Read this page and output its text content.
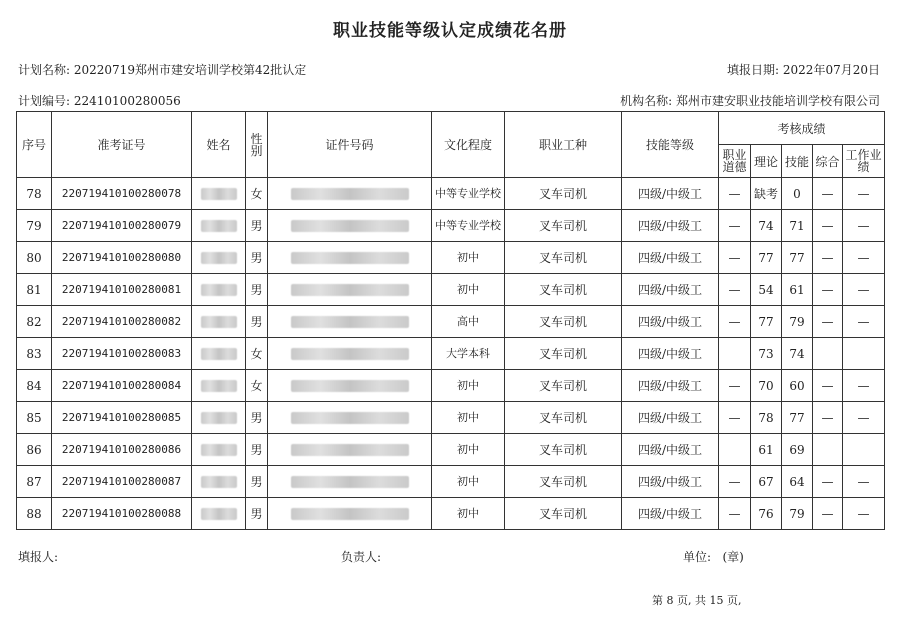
职业技能等级认定成绩花名册
计划名称: 20220719郑州市建安培训学校第42批认定	填报日期: 2022年07月20日
计划编号: 22410100280056	机构名称: 郑州市建安职业技能培训学校有限公司
序号	准考证号	姓名	性别	证件号码	文化程度	职业工种	技能等级	考核成绩				
								职业道德	理论	技能	综合	工作业绩
78	220719410100280078		女		中等专业学校	叉车司机	四级/中级工	—	缺考	0	—	—
79	220719410100280079		男		中等专业学校	叉车司机	四级/中级工	—	74	71	—	—
80	220719410100280080		男		初中	叉车司机	四级/中级工	—	77	77	—	—
81	220719410100280081		男		初中	叉车司机	四级/中级工	—	54	61	—	—
82	220719410100280082		男		高中	叉车司机	四级/中级工	—	77	79	—	—
83	220719410100280083		女		大学本科	叉车司机	四级/中级工		73	74		
84	220719410100280084		女		初中	叉车司机	四级/中级工	—	70	60	—	—
85	220719410100280085		男		初中	叉车司机	四级/中级工	—	78	77	—	—
86	220719410100280086		男		初中	叉车司机	四级/中级工		61	69		
87	220719410100280087		男		初中	叉车司机	四级/中级工	—	67	64	—	—
88	220719410100280088		男		初中	叉车司机	四级/中级工	—	76	79	—	—
填报人:	负责人:	单位: (章)
第 8 页, 共 15 页,
